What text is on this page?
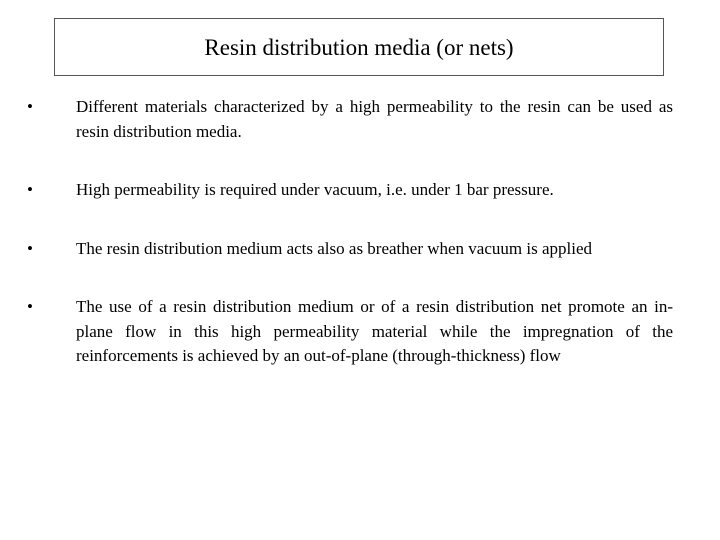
Resin distribution media (or nets)
•	Different materials characterized by a high permeability to the resin can be used as resin distribution media.
•	High permeability is required under vacuum, i.e. under 1 bar pressure.
•	The resin distribution medium acts also as breather when vacuum is applied
•	The use of a resin distribution medium or of a resin distribution net promote an in-plane flow in this high permeability material while the impregnation of the reinforcements is achieved by an out-of-plane (through-thickness) flow
